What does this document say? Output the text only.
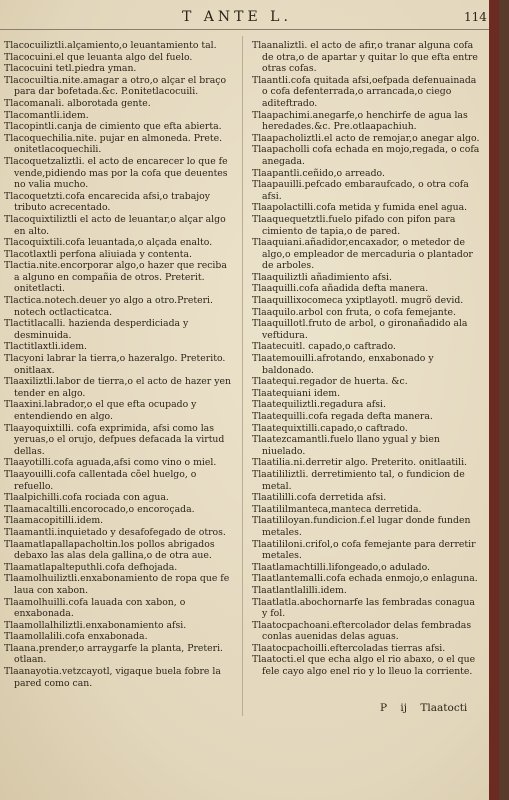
T ANTE L.	114

Tlacocuiliztli.alçamiento,o leuantamiento tal.

Tlacocuini.el que leuanta algo del fuelo.

Tlacocuini tetl.piedra yman.

Tlacocuiltia.nite.amagar a otro,o alçar el braço para dar bofetada.&c. P.onitetlacocuili.

Tlacomanali. alborotada gente.

Tlacomantli.idem.

Tlacopintli.canja de cimiento que efta abierta.

Tlacoquechilia.nite. pujar en almoneda. Prete. onitetlacoquechili.

Tlacoquetzaliztli. el acto de encarecer lo que fe vende,pidiendo mas por la cofa que deuentes no valia mucho.

Tlacoquetzti.cofa encarecida afsi,o trabajoy tributo acrecentado.

Tlacoquixtiliztli el acto de leuantar,o alçar algo en alto.

Tlacoquixtili.cofa leuantada,o alçada enalto.

Tlacotlaxtli perfona aliuiada y contenta.

Tlactia.nite.encorporar algo,o hazer que reciba a alguno en compañia de otros. Preterit. onitetlacti.

Tlactica.notech.deuer yo algo a otro.Preteri. notech octlacticatca.

Tlactitlacalli. hazienda desperdiciada y desminuida.

Tlactitlaxtli.idem.

Tlacyoni labrar la tierra,o hazeralgo. Preterito. onitlaax.

Tlaaxiliztli.labor de tierra,o el acto de hazer yen tender en algo.

Tlaaxini.labrador,o el que efta ocupado y entendiendo en algo.

Tlaayoquixtilli. cofa exprimida, afsi como las yeruas,o el orujo, defpues defacada la virtud dellas.

Tlaayotilli.cofa aguada,afsi como vino o miel.

Tlaayouilli.cofa callentada cõel huelgo, o refuello.

Tlaalpichilli.cofa rociada con agua.

Tlaamacaltilli.encorocado,o encoroçada.

Tlaamacopitilli.idem.

Tlaamantli.inquietado y desafofegado de otros.

Tlaamatlapallapacholtin.los pollos abrigados debaxo las alas dela gallina,o de otra aue.

Tlaamatlapalteputhli.cofa defhojada.

Tlaamolhuiliztli.enxabonamiento de ropa que fe laua con xabon.

Tlaamolhuilli.cofa lauada con xabon, o enxabonada.

Tlaamollalhiliztli.enxabonamiento afsi.

Tlaamollalili.cofa enxabonada.

Tlaana.prender,o arraygarfe la planta, Preteri. otlaan.

Tlaanayotia.vetzcayotl, vigaque buela fobre la pared como can.

Tlaanaliztli. el acto de afir,o tranar alguna cofa de otra,o de apartar y quitar lo que efta entre otras cofas.

Tlaantli.cofa quitada afsi,oefpada defenuainada o cofa defenterrada,o arrancada,o ciego aditeftrado.

Tlaapachimi.anegarfe,o henchirfe de agua las heredades.&c. Pre.otlaapachiuh.

Tlaapacholiztli.el acto de remojar,o anegar algo.

Tlaapacholli cofa echada en mojo,regada, o cofa anegada.

Tlaapantli.ceñido,o arreado.

Tlaapauilli.pefcado embaraufcado, o otra cofa afsi.

Tlaapolactilli.cofa metida y fumida enel agua.

Tlaaquequetztli.fuelo pifado con pifon para cimiento de tapia,o de pared.

Tlaaquiani.añadidor,encaxador, o metedor de algo,o empleador de mercaduria o plantador de arboles.

Tlaaquiliztli añadimiento afsi.

Tlaaquilli.cofa añadida defta manera.

Tlaaquillixocomeca yxiptlayotl. mugrõ devid.

Tlaaquilo.arbol con fruta, o cofa femejante.

Tlaaquillotl.fruto de arbol, o gironañadido ala veftidura.

Tlaatecuitl. capado,o caftrado.

Tlaatemouilli.afrotando, enxabonado y baldonado.

Tlaatequi.regador de huerta. &c.

Tlaatequiani idem.

Tlaatequiliztli.regadura afsi.

Tlaatequilli.cofa regada defta manera.

Tlaatequixtilli.capado,o caftrado.

Tlaatezcamantli.fuelo llano ygual y bien niuelado.

Tlaatilia.ni.derretir algo. Preterito. onitlaatili.

Tlaatililiztli. derretimiento tal, o fundicion de metal.

Tlaatililli.cofa derretida afsi.

Tlaatililmanteca,manteca derretida.

Tlaatililoyan.fundicion.f.el lugar donde funden metales.

Tlaatililoni.crifol,o cofa femejante para derretir metales.

Tlaatlamachtilli.lifongeado,o adulado.

Tlaatlantemalli.cofa echada enmojo,o enlaguna.

Tlaatlantlalilli.idem.

Tlaatlatla.abochornarfe las fembradas conagua y fol.

Tlaatocpachoani.eftercolador delas fembradas conlas auenidas delas aguas.

Tlaatocpachoilli.eftercoladas tierras afsi.

Tlaatocti.el que echa algo el rio abaxo, o el que fele cayo algo enel rio y lo lleuo la corriente.

P ij Tlaatocti
